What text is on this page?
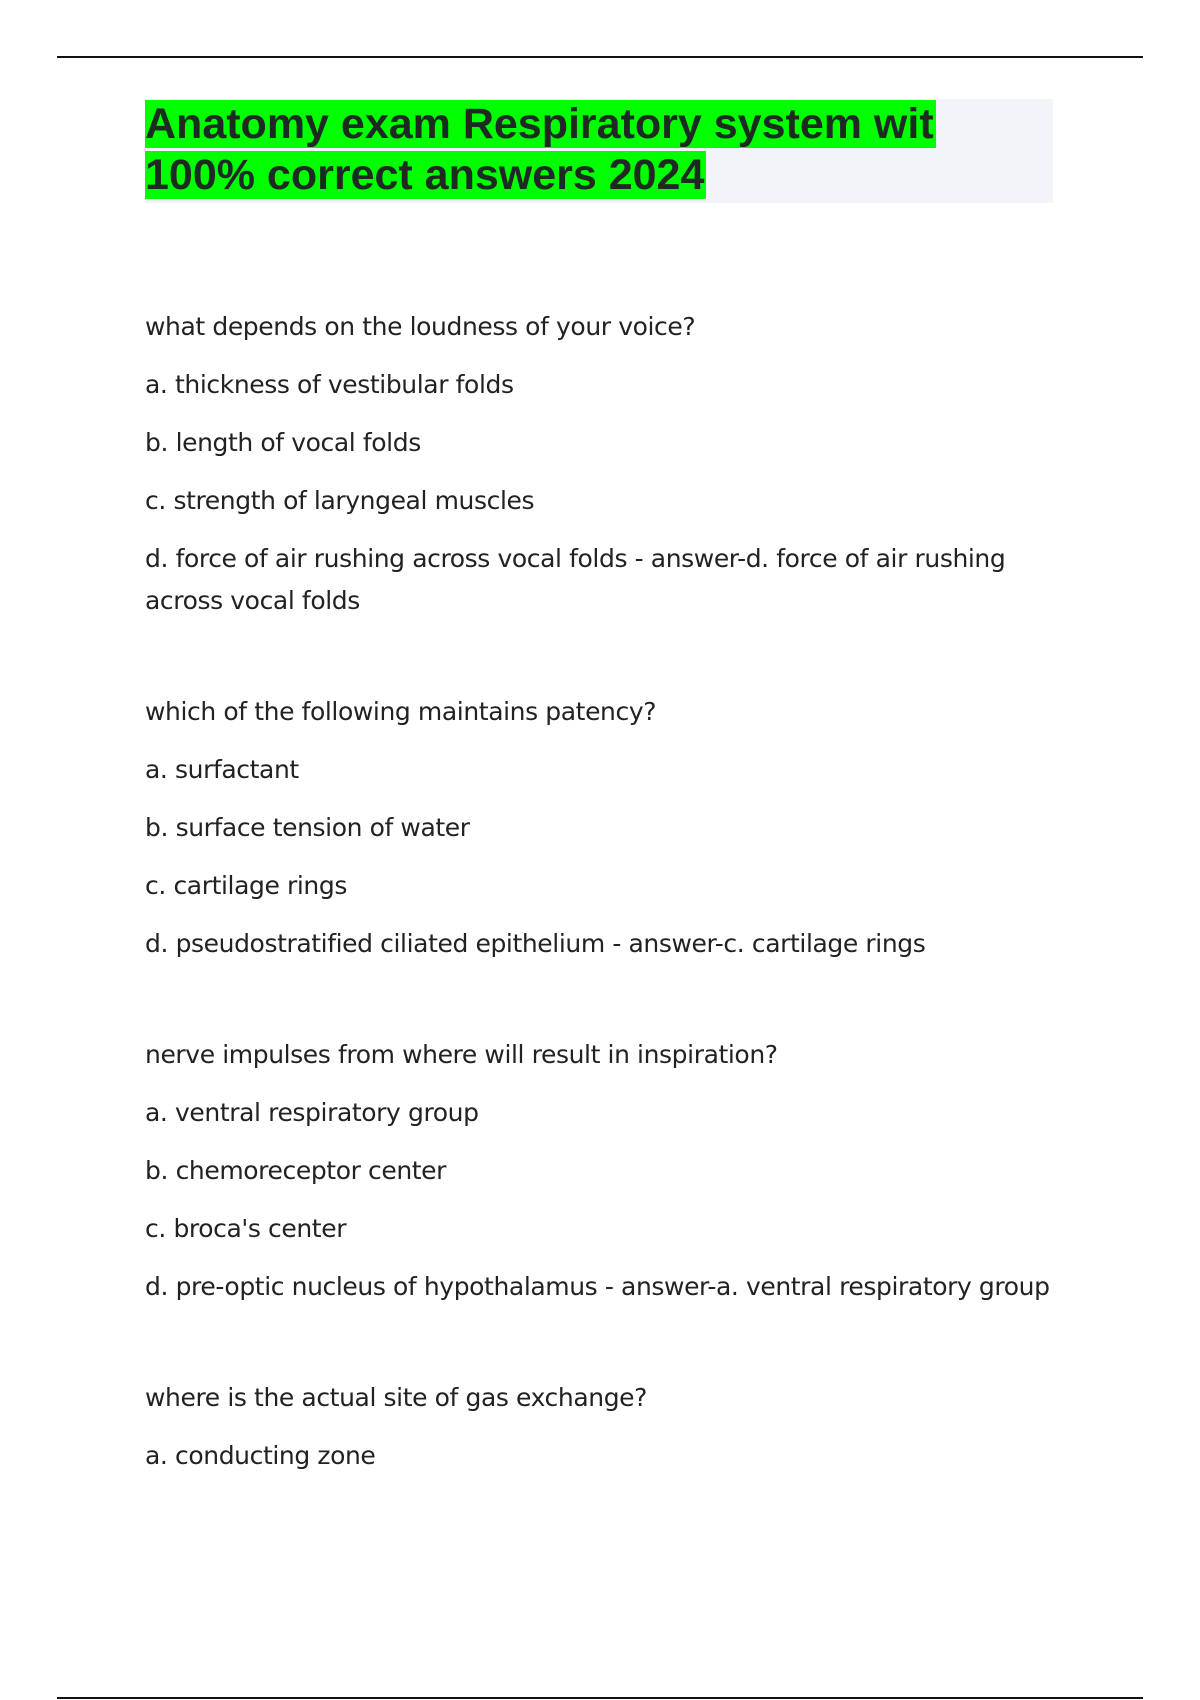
Anatomy exam Respiratory system wit
100% correct answers 2024

what depends on the loudness of your voice?

a. thickness of vestibular folds

b. length of vocal folds

c. strength of laryngeal muscles

d. force of air rushing across vocal folds - answer-d. force of air rushing across vocal folds

which of the following maintains patency?

a. surfactant

b. surface tension of water

c. cartilage rings

d. pseudostratified ciliated epithelium - answer-c. cartilage rings

nerve impulses from where will result in inspiration?

a. ventral respiratory group

b. chemoreceptor center

c. broca's center

d. pre-optic nucleus of hypothalamus - answer-a. ventral respiratory group

where is the actual site of gas exchange?

a. conducting zone
